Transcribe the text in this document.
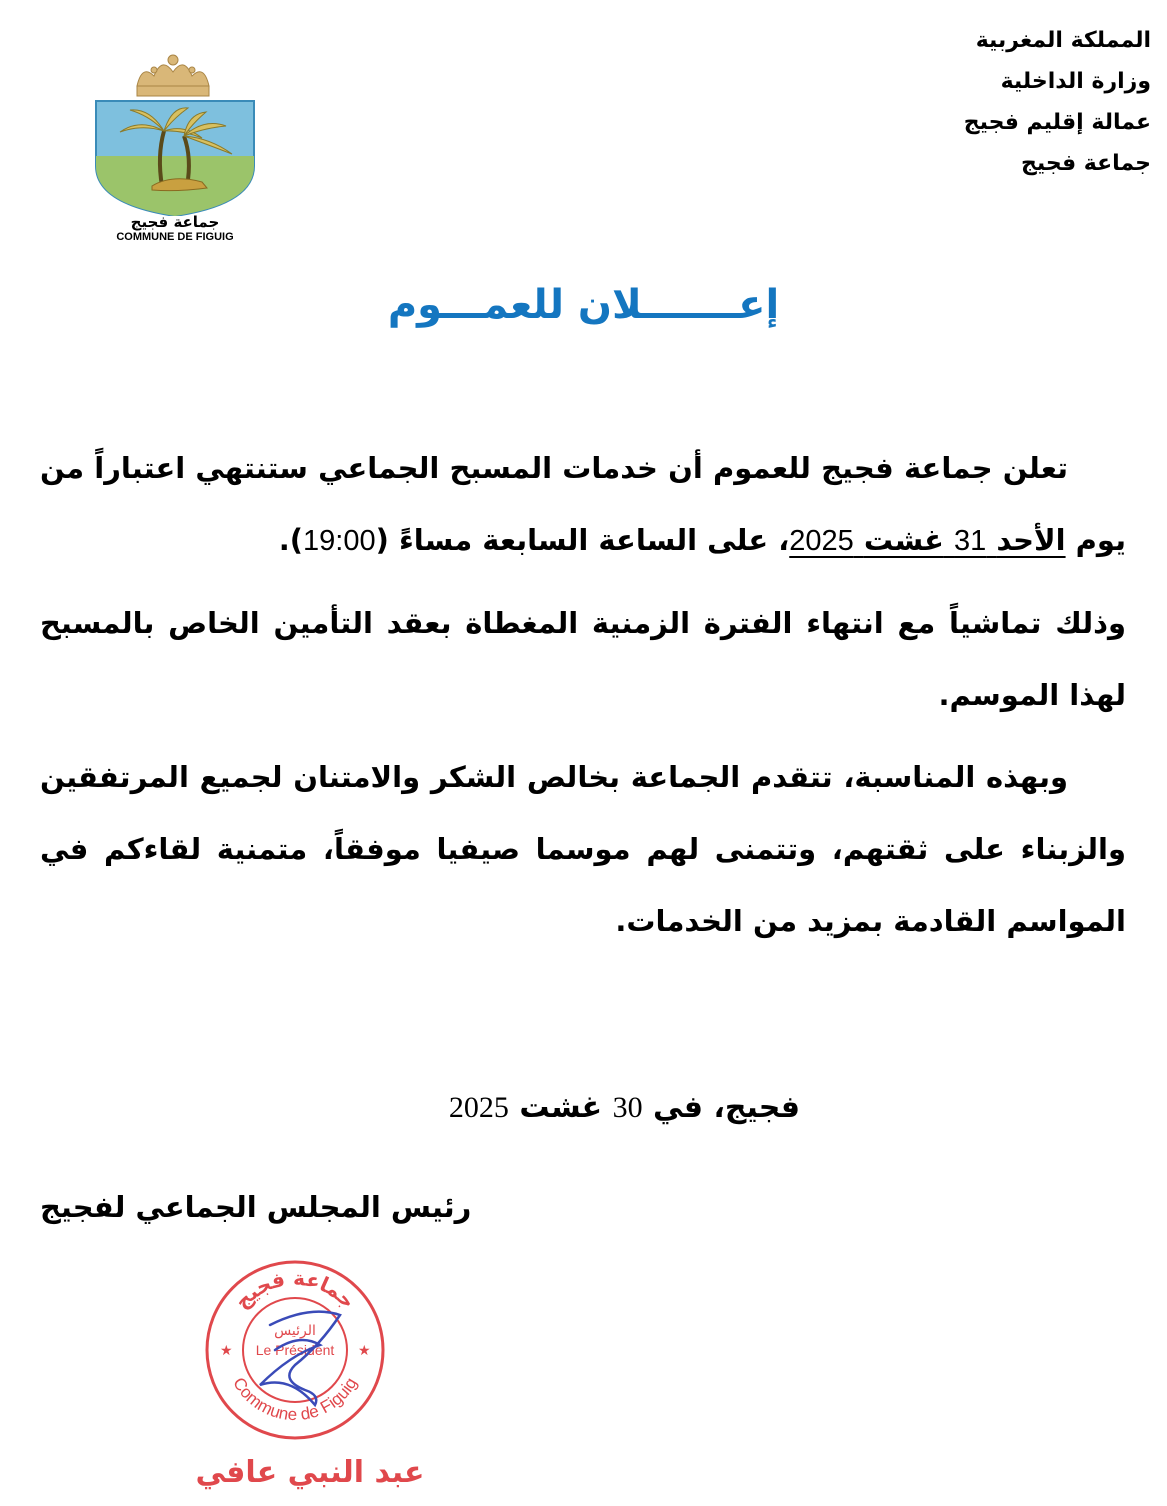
المملكة المغربية
وزارة الداخلية
عمالة إقليم فجيج
جماعة فجيج
جماعة فجيج
COMMUNE DE FIGUIG
إعـــــــلان للعمـــوم

تعلن جماعة فجيج للعموم أن خدمات المسبح الجماعي ستنتهي اعتباراً من يوم الأحد 31 غشت 2025، على الساعة السابعة مساءً (19:00).

وذلك تماشياً مع انتهاء الفترة الزمنية المغطاة بعقد التأمين الخاص بالمسبح لهذا الموسم.

وبهذه المناسبة، تتقدم الجماعة بخالص الشكر والامتنان لجميع المرتفقين والزبناء على ثقتهم، وتتمنى لهم موسما صيفيا موفقاً، متمنية لقاءكم في المواسم القادمة بمزيد من الخدمات.

فجيج، في 30 غشت 2025
رئيس المجلس الجماعي لفجيج
جماعة فجيج
Commune de Figuig
★	★
الرئيس
Le Président
عبد النبي عافي
